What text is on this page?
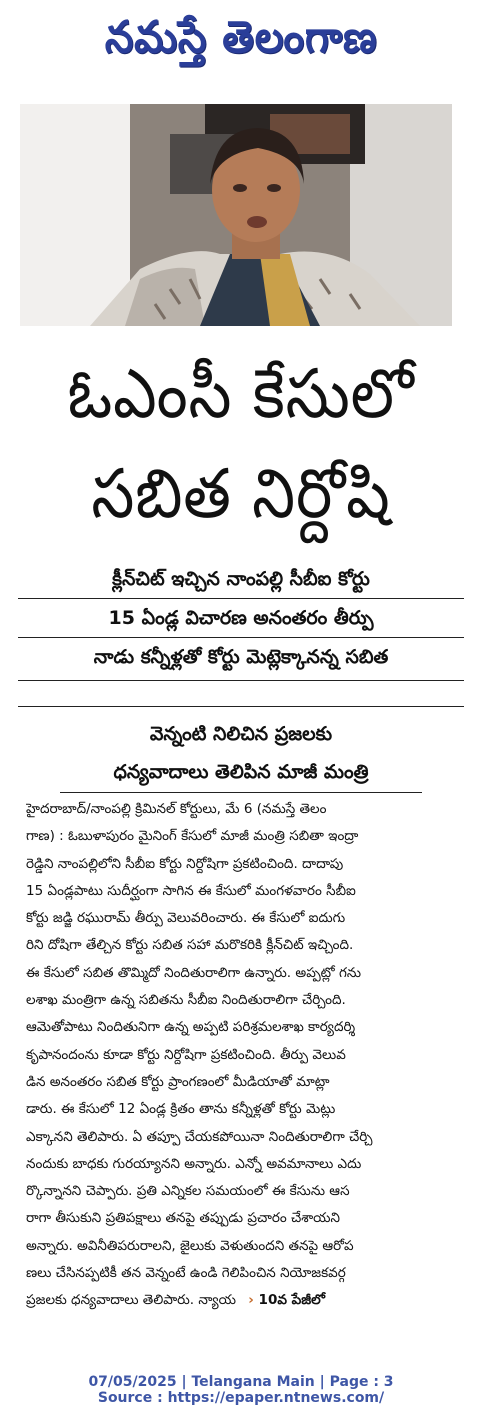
నమస్తే తెలంగాణ
ఓఎంసీ కేసులో
సబిత నిర్దోషి
క్లీన్‌చిట్ ఇచ్చిన నాంపల్లి సీబీఐ కోర్టు
15 ఏండ్ల విచారణ అనంతరం తీర్పు
నాడు కన్నీళ్లతో కోర్టు మెట్లెక్కానన్న సబిత
వెన్నంటి నిలిచిన ప్రజలకు
ధన్యవాదాలు తెలిపిన మాజీ మంత్రి
హైదరాబాద్/నాంపల్లి క్రిమినల్ కోర్టులు, మే 6 (నమస్తే తెలం
గాణ) : ఓబుళాపురం మైనింగ్ కేసులో మాజీ మంత్రి సబితా ఇంద్రా
రెడ్డిని నాంపల్లిలోని సీబీఐ కోర్టు నిర్దోషిగా ప్రకటించింది. దాదాపు
15 ఏండ్లపాటు సుదీర్ఘంగా సాగిన ఈ కేసులో మంగళవారం సీబీఐ
కోర్టు జడ్జి రఘురామ్ తీర్పు వెలువరించారు. ఈ కేసులో ఐదుగు
రిని దోషిగా తేల్చిన కోర్టు సబిత సహా మరొకరికి క్లీన్‌చిట్ ఇచ్చింది.
ఈ కేసులో సబిత తొమ్మిదో నిందితురాలిగా ఉన్నారు. అప్పట్లో గను
లశాఖ మంత్రిగా ఉన్న సబితను సీబీఐ నిందితురాలిగా చేర్చింది.
ఆమెతోపాటు నిందితునిగా ఉన్న అప్పటి పరిశ్రమలశాఖ కార్యదర్శి
కృపానందంను కూడా కోర్టు నిర్దోషిగా ప్రకటించింది. తీర్పు వెలువ
డిన అనంతరం సబిత కోర్టు ప్రాంగణంలో మీడియాతో మాట్లా
డారు. ఈ కేసులో 12 ఏండ్ల క్రితం తాను కన్నీళ్లతో కోర్టు మెట్లు
ఎక్కానని తెలిపారు. ఏ తప్పూ చేయకపోయినా నిందితురాలిగా చేర్చి
నందుకు బాధకు గురయ్యానని అన్నారు. ఎన్నో అవమానాలు ఎదు
ర్కొన్నానని చెప్పారు. ప్రతి ఎన్నికల సమయంలో ఈ కేసును ఆస
రాగా తీసుకుని ప్రతిపక్షాలు తనపై తప్పుడు ప్రచారం చేశాయని
అన్నారు. అవినీతిపరురాలని, జైలుకు వెళుతుందని తనపై ఆరోప
ణలు చేసినప్పటికీ తన వెన్నంటే ఉండి గెలిపించిన నియోజకవర్గ
ప్రజలకు ధన్యవాదాలు తెలిపారు. న్యాయ › 10వ పేజీలో
07/05/2025 | Telangana Main | Page : 3
Source : https://epaper.ntnews.com/
